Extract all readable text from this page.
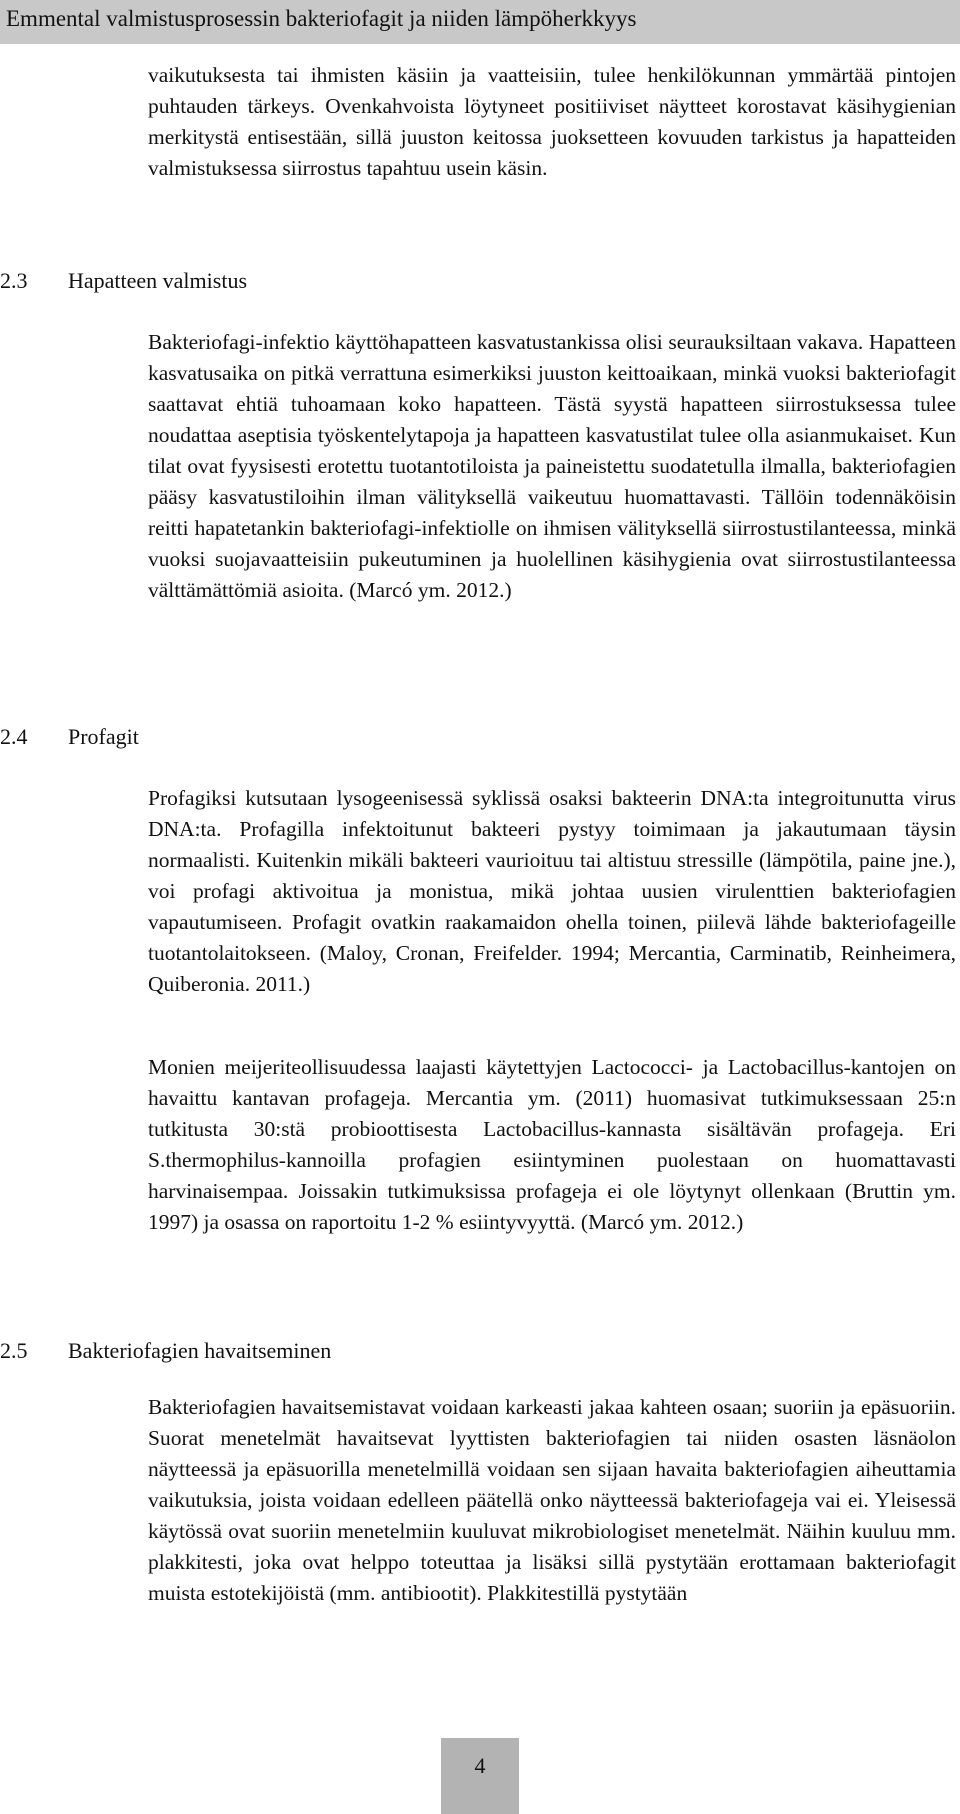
Emmental valmistusprosessin bakteriofagit ja niiden lämpöherkkyys

vaikutuksesta tai ihmisten käsiin ja vaatteisiin, tulee henkilökunnan ymmärtää pintojen puhtauden tärkeys. Ovenkahvoista löytyneet positiiviset näytteet korostavat käsihygienian merkitystä entisestään, sillä juuston keitossa juoksetteen kovuuden tarkistus ja hapatteiden valmistuksessa siirrostus tapahtuu usein käsin.

2.3 Hapatteen valmistus

Bakteriofagi-infektio käyttöhapatteen kasvatustankissa olisi seurauksiltaan vakava. Hapatteen kasvatusaika on pitkä verrattuna esimerkiksi juuston keittoaikaan, minkä vuoksi bakteriofagit saattavat ehtiä tuhoamaan koko hapatteen. Tästä syystä hapatteen siirrostuksessa tulee noudattaa aseptisia työskentelytapoja ja hapatteen kasvatustilat tulee olla asianmukaiset. Kun tilat ovat fyysisesti erotettu tuotantotiloista ja paineistettu suodatetulla ilmalla, bakteriofagien pääsy kasvatustiloihin ilman välityksellä vaikeutuu huomattavasti. Tällöin todennäköisin reitti hapatetankin bakteriofagi-infektiolle on ihmisen välityksellä siirrostustilanteessa, minkä vuoksi suojavaatteisiin pukeutuminen ja huolellinen käsihygienia ovat siirrostustilanteessa välttämättömiä asioita. (Marcó ym. 2012.)

2.4 Profagit

Profagiksi kutsutaan lysogeenisessä syklissä osaksi bakteerin DNA:ta integroitunutta virus DNA:ta. Profagilla infektoitunut bakteeri pystyy toimimaan ja jakautumaan täysin normaalisti. Kuitenkin mikäli bakteeri vaurioituu tai altistuu stressille (lämpötila, paine jne.), voi profagi aktivoitua ja monistua, mikä johtaa uusien virulenttien bakteriofagien vapautumiseen. Profagit ovatkin raakamaidon ohella toinen, piilevä lähde bakteriofageille tuotantolaitokseen. (Maloy, Cronan, Freifelder. 1994; Mercantia, Carminatib, Reinheimera, Quiberonia. 2011.)

Monien meijeriteollisuudessa laajasti käytettyjen Lactococci- ja Lactobacillus-kantojen on havaittu kantavan profageja. Mercantia ym. (2011) huomasivat tutkimuksessaan 25:n tutkitusta 30:stä probioottisesta Lactobacillus-kannasta sisältävän profageja. Eri S.thermophilus-kannoilla profagien esiintyminen puolestaan on huomattavasti harvinaisempaa. Joissakin tutkimuksissa profageja ei ole löytynyt ollenkaan (Bruttin ym. 1997) ja osassa on raportoitu 1-2 % esiintyvyyttä. (Marcó ym. 2012.)

2.5 Bakteriofagien havaitseminen

Bakteriofagien havaitsemistavat voidaan karkeasti jakaa kahteen osaan; suoriin ja epäsuoriin. Suorat menetelmät havaitsevat lyyttisten bakteriofagien tai niiden osasten läsnäolon näytteessä ja epäsuorilla menetelmillä voidaan sen sijaan havaita bakteriofagien aiheuttamia vaikutuksia, joista voidaan edelleen päätellä onko näytteessä bakteriofageja vai ei. Yleisessä käytössä ovat suoriin menetelmiin kuuluvat mikrobiologiset menetelmät. Näihin kuuluu mm. plakkitesti, joka ovat helppo toteuttaa ja lisäksi sillä pystytään erottamaan bakteriofagit muista estotekijöistä (mm. antibiootit). Plakkitestillä pystytään

4
